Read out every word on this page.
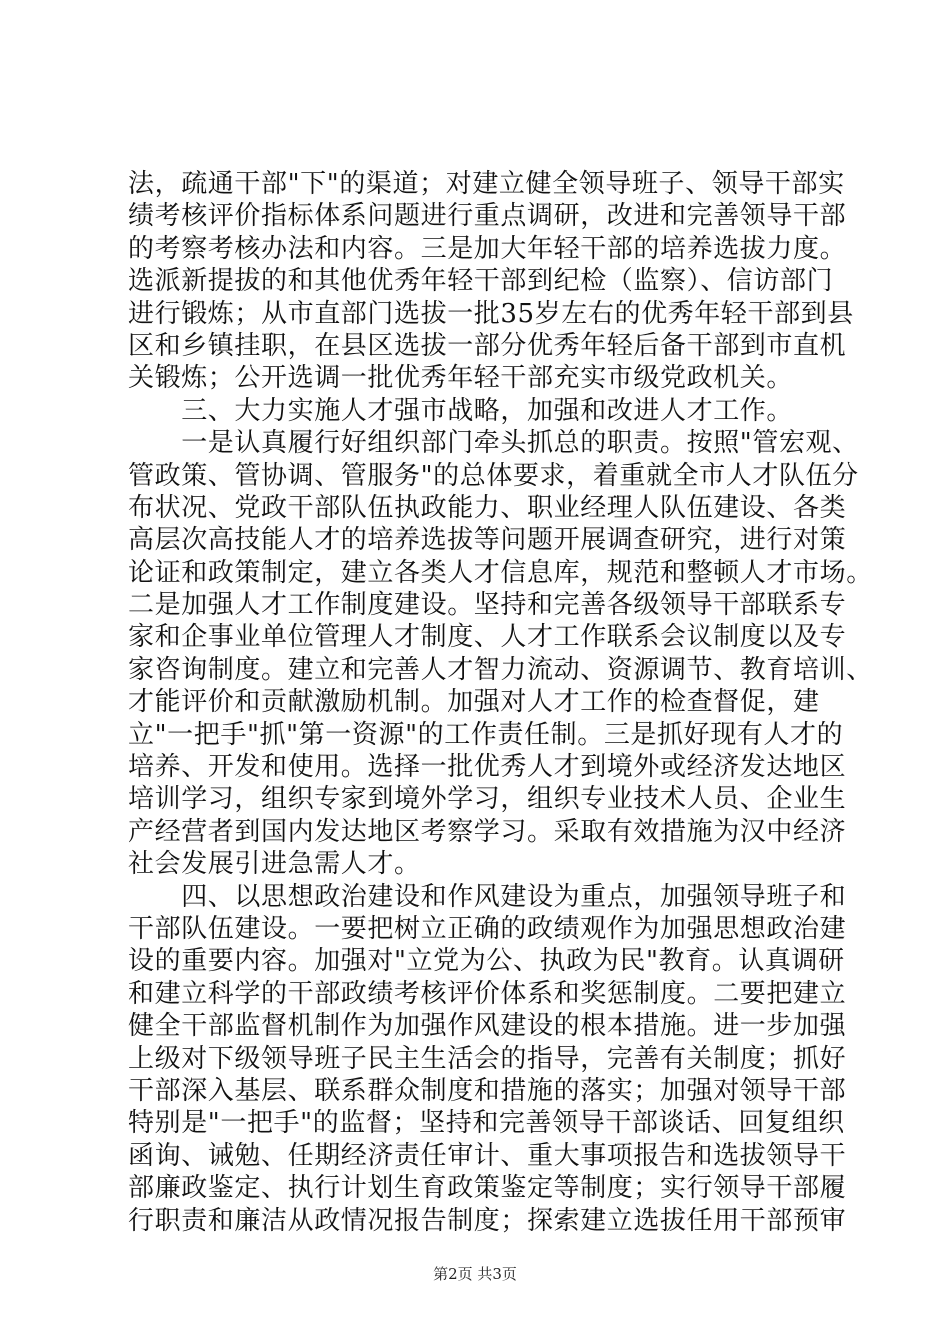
法，疏通干部"下"的渠道；对建立健全领导班子、领导干部实
绩考核评价指标体系问题进行重点调研，改进和完善领导干部
的考察考核办法和内容。三是加大年轻干部的培养选拔力度。
选派新提拔的和其他优秀年轻干部到纪检（监察）、信访部门
进行锻炼；从市直部门选拔一批35岁左右的优秀年轻干部到县
区和乡镇挂职，在县区选拔一部分优秀年轻后备干部到市直机
关锻炼；公开选调一批优秀年轻干部充实市级党政机关。
　　三、大力实施人才强市战略，加强和改进人才工作。
　　一是认真履行好组织部门牵头抓总的职责。按照"管宏观、
管政策、管协调、管服务"的总体要求，着重就全市人才队伍分
布状况、党政干部队伍执政能力、职业经理人队伍建设、各类
高层次高技能人才的培养选拔等问题开展调查研究，进行对策
论证和政策制定，建立各类人才信息库，规范和整顿人才市场。
二是加强人才工作制度建设。坚持和完善各级领导干部联系专
家和企事业单位管理人才制度、人才工作联系会议制度以及专
家咨询制度。建立和完善人才智力流动、资源调节、教育培训、
才能评价和贡献激励机制。加强对人才工作的检查督促，建
立"一把手"抓"第一资源"的工作责任制。三是抓好现有人才的
培养、开发和使用。选择一批优秀人才到境外或经济发达地区
培训学习，组织专家到境外学习，组织专业技术人员、企业生
产经营者到国内发达地区考察学习。采取有效措施为汉中经济
社会发展引进急需人才。
　　四、以思想政治建设和作风建设为重点，加强领导班子和
干部队伍建设。一要把树立正确的政绩观作为加强思想政治建
设的重要内容。加强对"立党为公、执政为民"教育。认真调研
和建立科学的干部政绩考核评价体系和奖惩制度。二要把建立
健全干部监督机制作为加强作风建设的根本措施。进一步加强
上级对下级领导班子民主生活会的指导，完善有关制度；抓好
干部深入基层、联系群众制度和措施的落实；加强对领导干部
特别是"一把手"的监督；坚持和完善领导干部谈话、回复组织
函询、诫勉、任期经济责任审计、重大事项报告和选拔领导干
部廉政鉴定、执行计划生育政策鉴定等制度；实行领导干部履
行职责和廉洁从政情况报告制度；探索建立选拔任用干部预审
第2页 共3页
